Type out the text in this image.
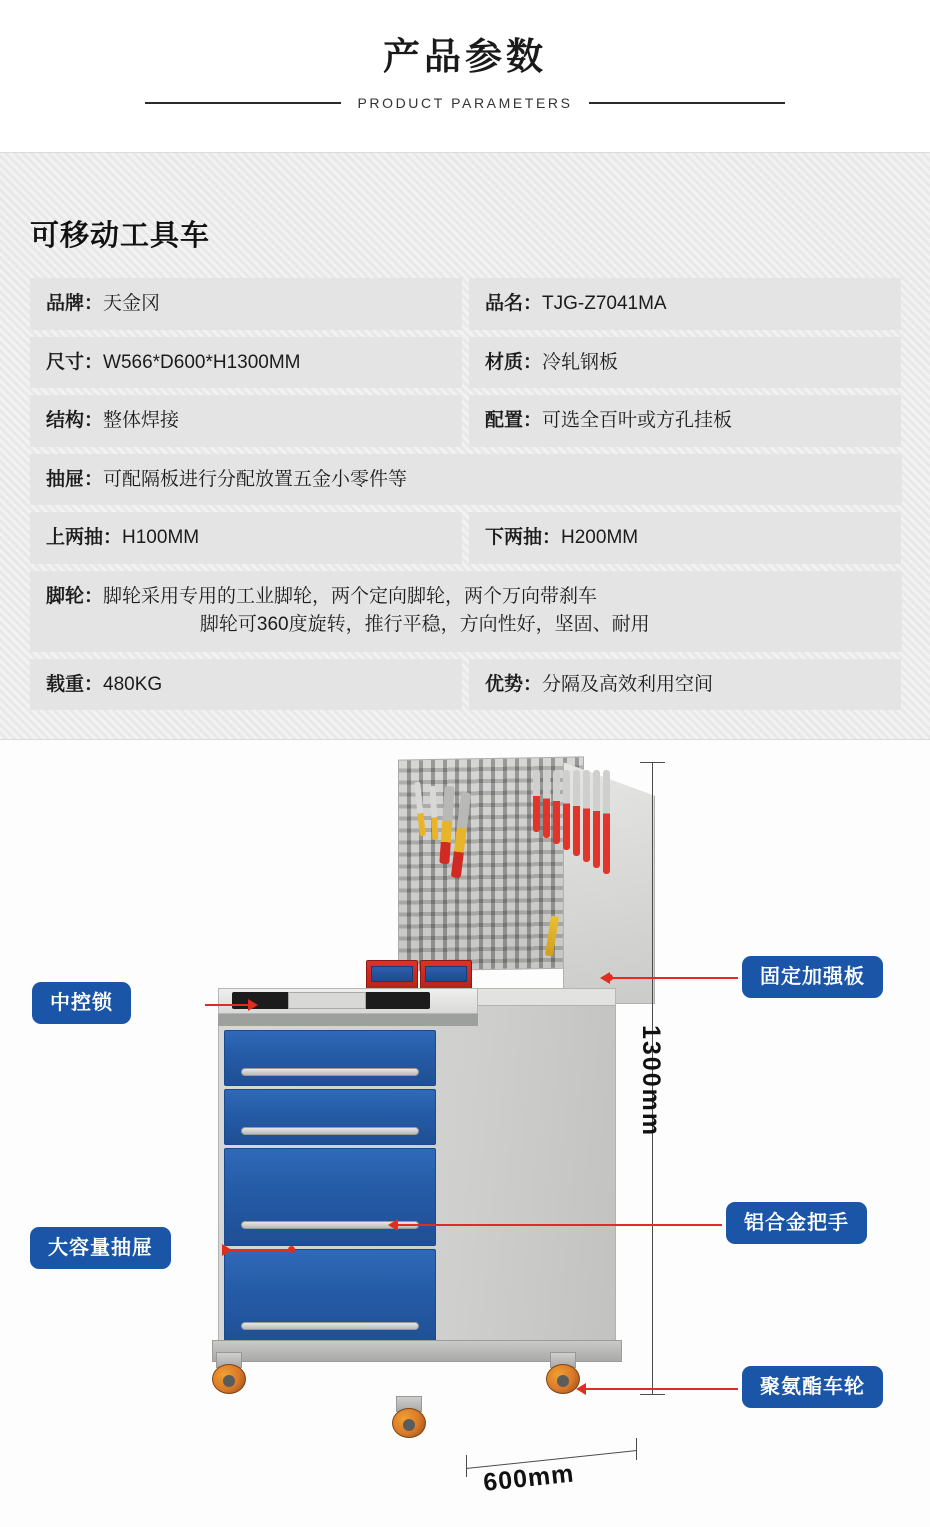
产品参数
PRODUCT PARAMETERS
可移动工具车
品牌： 天金冈	品名： TJG-Z7041MA
尺寸： W566*D600*H1300MM	材质： 冷轧钢板
结构： 整体焊接	配置： 可选全百叶或方孔挂板
抽屉： 可配隔板进行分配放置五金小零件等
上两抽： H100MM	下两抽： H200MM
脚轮： 脚轮采用专用的工业脚轮，两个定向脚轮，两个万向带刹车
脚轮可360度旋转，推行平稳，方向性好，坚固、耐用
载重： 480KG	优势： 分隔及高效利用空间
1300mm
600mm
中控锁
大容量抽屉
固定加强板
铝合金把手
聚氨酯车轮
